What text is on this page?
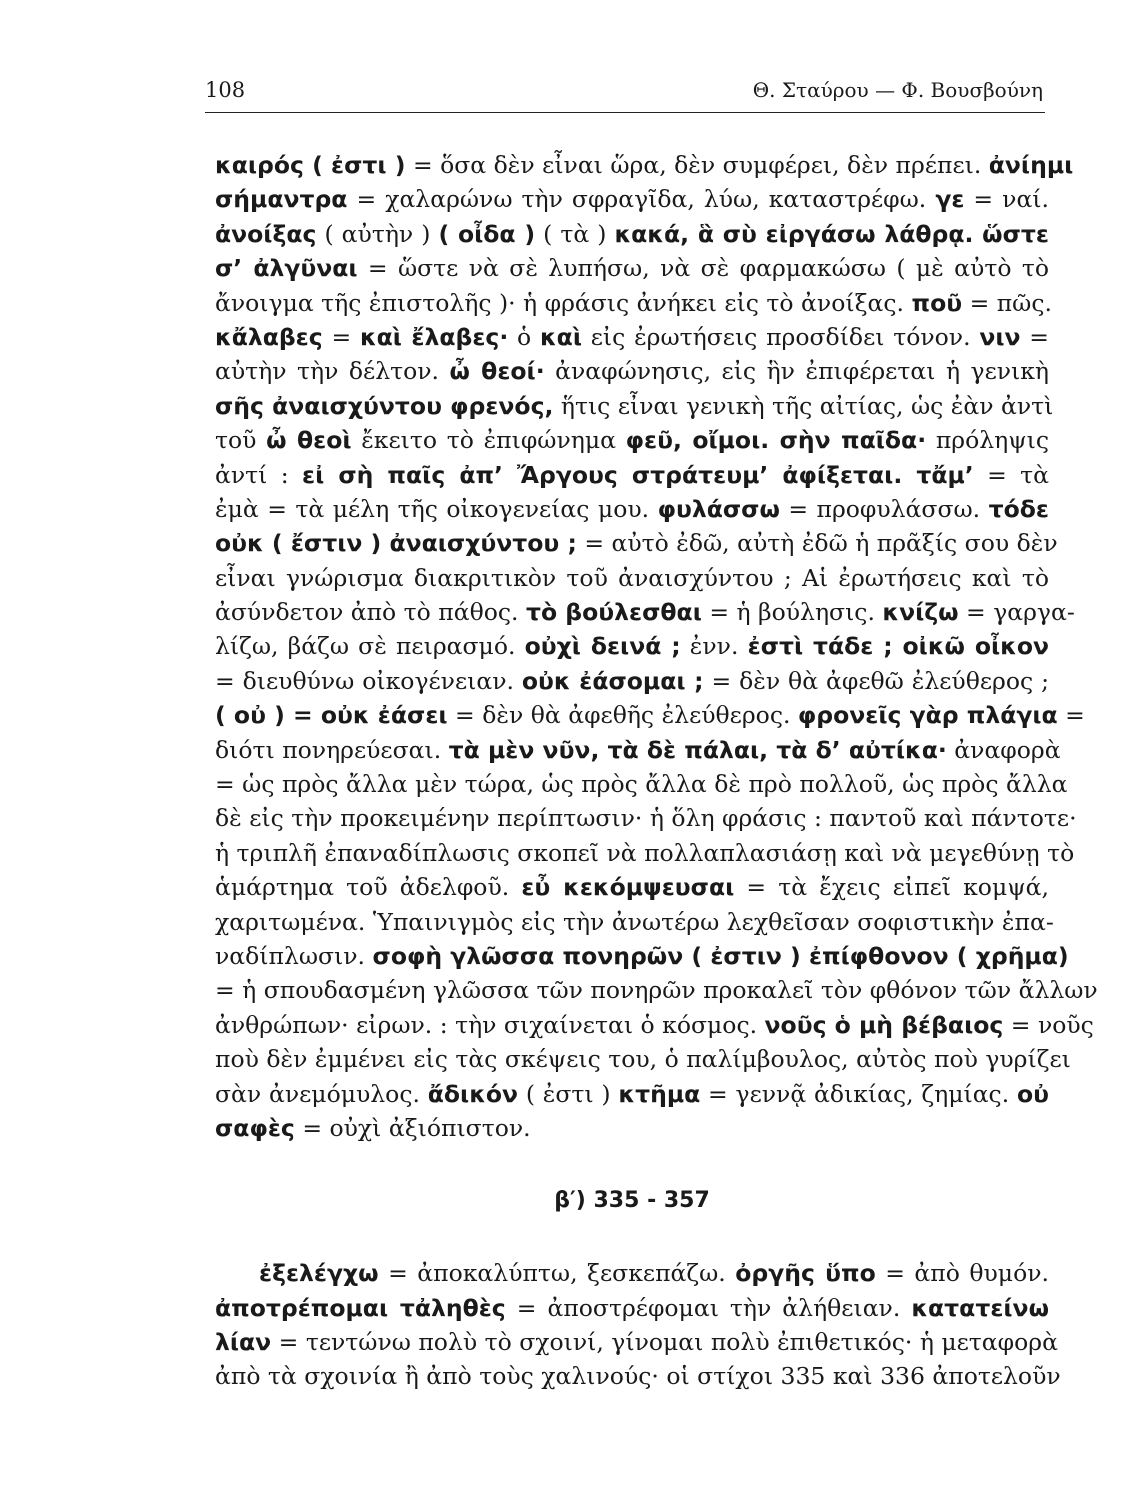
108	Θ. Σταύρου — Φ. Βουσβούνη
καιρός ( ἐστι ) = ὅσα δὲν εἶναι ὥρα, δὲν συμφέρει, δὲν πρέπει. ἀνίημι
σήμαντρα = χαλαρώνω τὴν σφραγῖδα, λύω, καταστρέφω. γε = ναί.
ἀνοίξας ( αὐτὴν ) ( οἶδα ) ( τὰ ) κακά, ἃ σὺ εἰργάσω λάθρᾳ. ὥστε
σ’ ἀλγῦναι = ὥστε νὰ σὲ λυπήσω, νὰ σὲ φαρμακώσω ( μὲ αὐτὸ τὸ
ἄνοιγμα τῆς ἐπιστολῆς )· ἡ φράσις ἀνήκει εἰς τὸ ἀνοίξας. ποῦ = πῶς.
κἄλαβες = καὶ ἔλαβες· ὁ καὶ εἰς ἐρωτήσεις προσδίδει τόνον. νιν =
αὐτὴν τὴν δέλτον. ὦ θεοί· ἀναφώνησις, εἰς ἣν ἐπιφέρεται ἡ γενικὴ
σῆς ἀναισχύντου φρενός, ἥτις εἶναι γενικὴ τῆς αἰτίας, ὡς ἐὰν ἀντὶ
τοῦ ὦ θεοὶ ἔκειτο τὸ ἐπιφώνημα φεῦ, οἴμοι. σὴν παῖδα· πρόληψις
ἀντί : εἰ σὴ παῖς ἀπ’ Ἄργους στράτευμ’ ἀφίξεται. τἄμ’ = τὰ
ἐμὰ = τὰ μέλη τῆς οἰκογενείας μου. φυλάσσω = προφυλάσσω. τόδε
οὐκ ( ἔστιν ) ἀναισχύντου ; = αὐτὸ ἐδῶ, αὐτὴ ἐδῶ ἡ πρᾶξίς σου δὲν
εἶναι γνώρισμα διακριτικὸν τοῦ ἀναισχύντου ; Αἱ ἐρωτήσεις καὶ τὸ
ἀσύνδετον ἀπὸ τὸ πάθος. τὸ βούλεσθαι = ἡ βούλησις. κνίζω = γαργα-
λίζω, βάζω σὲ πειρασμό. οὐχὶ δεινά ; ἐνν. ἐστὶ τάδε ; οἰκῶ οἶκον
= διευθύνω οἰκογένειαν. οὐκ ἐάσομαι ; = δὲν θὰ ἀφεθῶ ἐλεύθερος ;
( οὐ ) = οὐκ ἐάσει = δὲν θὰ ἀφεθῆς ἐλεύθερος. φρονεῖς γὰρ πλάγια =
διότι πονηρεύεσαι. τὰ μὲν νῦν, τὰ δὲ πάλαι, τὰ δ’ αὐτίκα· ἀναφορὰ
= ὡς πρὸς ἄλλα μὲν τώρα, ὡς πρὸς ἄλλα δὲ πρὸ πολλοῦ, ὡς πρὸς ἄλλα
δὲ εἰς τὴν προκειμένην περίπτωσιν· ἡ ὅλη φράσις : παντοῦ καὶ πάντοτε·
ἡ τριπλῆ ἐπαναδίπλωσις σκοπεῖ νὰ πολλαπλασιάσῃ καὶ νὰ μεγεθύνῃ τὸ
ἁμάρτημα τοῦ ἀδελφοῦ. εὖ κεκόμψευσαι = τὰ ἔχεις εἰπεῖ κομψά,
χαριτωμένα. Ὑπαινιγμὸς εἰς τὴν ἀνωτέρω λεχθεῖσαν σοφιστικὴν ἐπα-
ναδίπλωσιν. σοφὴ γλῶσσα πονηρῶν ( ἐστιν ) ἐπίφθονον ( χρῆμα)
= ἡ σπουδασμένη γλῶσσα τῶν πονηρῶν προκαλεῖ τὸν φθόνον τῶν ἄλλων
ἀνθρώπων· εἰρων. : τὴν σιχαίνεται ὁ κόσμος. νοῦς ὁ μὴ βέβαιος = νοῦς
ποὺ δὲν ἐμμένει εἰς τὰς σκέψεις του, ὁ παλίμβουλος, αὐτὸς ποὺ γυρίζει
σὰν ἀνεμόμυλος. ἄδικόν ( ἐστι ) κτῆμα = γεννᾷ ἀδικίας, ζημίας. οὐ
σαφὲς = οὐχὶ ἀξιόπιστον.
β′) 335 - 357
ἐξελέγχω = ἀποκαλύπτω, ξεσκεπάζω. ὀργῆς ὕπο = ἀπὸ θυμόν.
ἀποτρέπομαι τἀληθὲς = ἀποστρέφομαι τὴν ἀλήθειαν. κατατείνω
λίαν = τεντώνω πολὺ τὸ σχοινί, γίνομαι πολὺ ἐπιθετικός· ἡ μεταφορὰ
ἀπὸ τὰ σχοινία ἢ ἀπὸ τοὺς χαλινούς· οἱ στίχοι 335 καὶ 336 ἀποτελοῦν
